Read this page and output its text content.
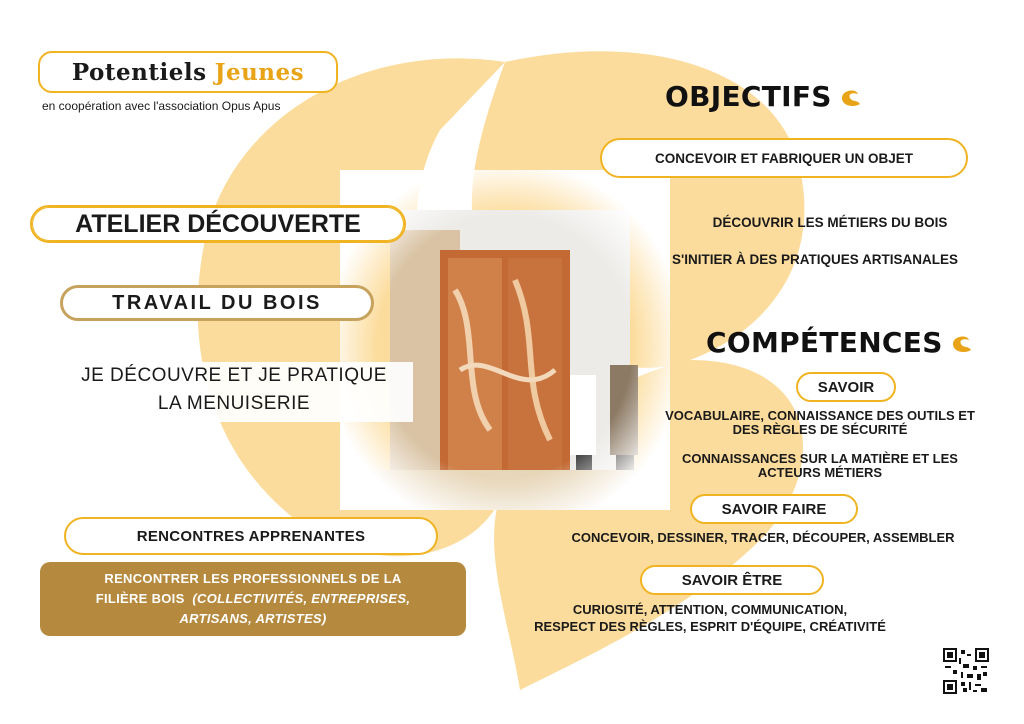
Potentiels Jeunes
en coopération avec l'association Opus Apus
ATELIER DÉCOUVERTE
TRAVAIL DU BOIS
JE DÉCOUVRE ET JE PRATIQUE
LA MENUISERIE
RENCONTRES APPRENANTES
RENCONTRER LES PROFESSIONNELS DE LA
FILIÈRE BOIS (COLLECTIVITÉS, ENTREPRISES,
ARTISANS, ARTISTES)
OBJECTIFS
CONCEVOIR ET FABRIQUER UN OBJET
DÉCOUVRIR LES MÉTIERS DU BOIS
S'INITIER À DES PRATIQUES ARTISANALES
COMPÉTENCES
SAVOIR
VOCABULAIRE, CONNAISSANCE DES OUTILS ET DES RÈGLES DE SÉCURITÉ
CONNAISSANCES SUR LA MATIÈRE ET LES ACTEURS MÉTIERS
SAVOIR FAIRE
CONCEVOIR, DESSINER, TRACER, DÉCOUPER, ASSEMBLER
SAVOIR ÊTRE
CURIOSITÉ, ATTENTION, COMMUNICATION,
RESPECT DES RÈGLES, ESPRIT D'ÉQUIPE, CRÉATIVITÉ
